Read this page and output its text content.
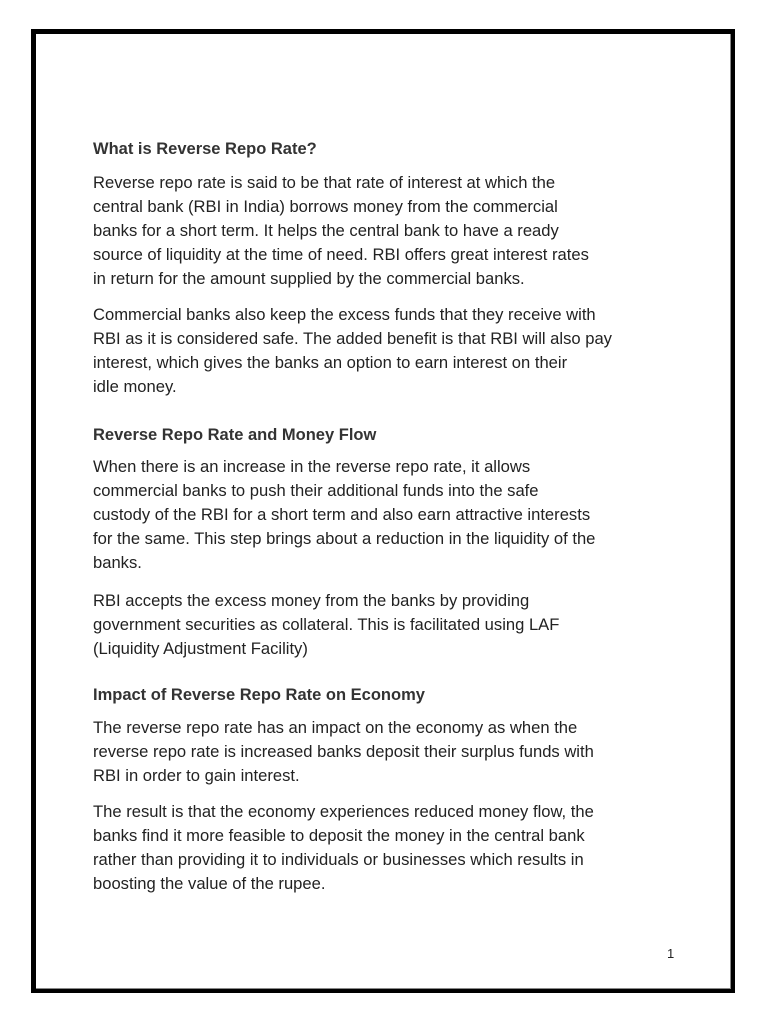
What is Reverse Repo Rate?
Reverse repo rate is said to be that rate of interest at which the
central bank (RBI in India) borrows money from the commercial
banks for a short term. It helps the central bank to have a ready
source of liquidity at the time of need. RBI offers great interest rates
in return for the amount supplied by the commercial banks.
Commercial banks also keep the excess funds that they receive with
RBI as it is considered safe. The added benefit is that RBI will also pay
interest, which gives the banks an option to earn interest on their
idle money.
Reverse Repo Rate and Money Flow
When there is an increase in the reverse repo rate, it allows
commercial banks to push their additional funds into the safe
custody of the RBI for a short term and also earn attractive interests
for the same. This step brings about a reduction in the liquidity of the
banks.
RBI accepts the excess money from the banks by providing
government securities as collateral. This is facilitated using LAF
(Liquidity Adjustment Facility)
Impact of Reverse Repo Rate on Economy
The reverse repo rate has an impact on the economy as when the
reverse repo rate is increased banks deposit their surplus funds with
RBI in order to gain interest.
The result is that the economy experiences reduced money flow, the
banks find it more feasible to deposit the money in the central bank
rather than providing it to individuals or businesses which results in
boosting the value of the rupee.
1
